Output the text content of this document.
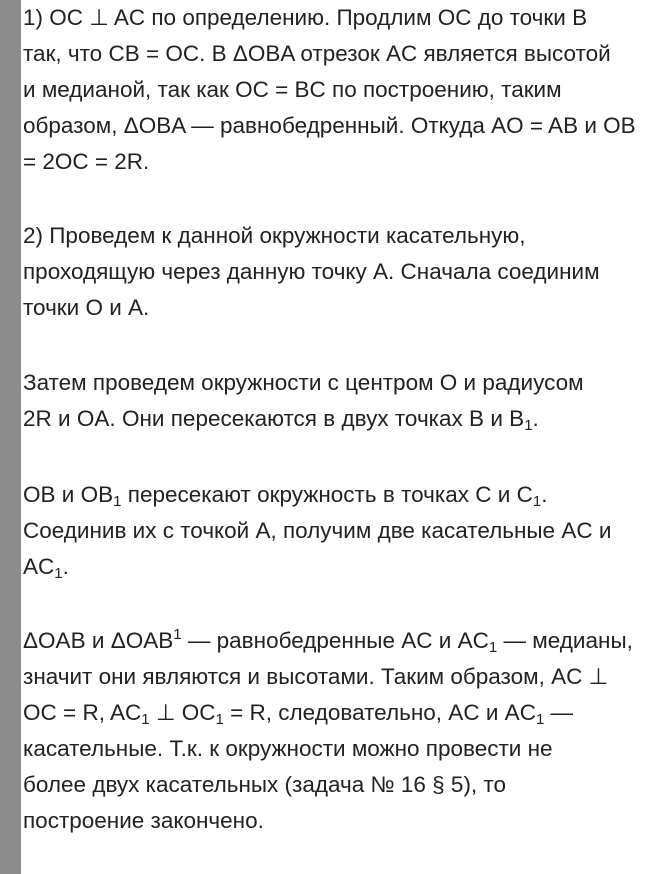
1) OC ⊥ AC по определению. Продлим OC до точки B
так, что CB = OC. В ΔOBA отрезок AC является высотой
и медианой, так как OC = BC по построению, таким
образом, ΔOBA — равнобедренный. Откуда AO = AB и OB
= 2OC = 2R.
2) Проведем к данной окружности касательную,
проходящую через данную точку A. Сначала соединим
точки O и A.
Затем проведем окружности с центром O и радиусом
2R и OA. Они пересекаются в двух точках B и $B_1$.
OB и $OB_1$ пересекают окружность в точках C и $C_1$.
Соединив их с точкой A, получим две касательные AC и
$AC_1$.
ΔOAB и ΔOAB$^1$ — равнобедренные AC и $AC_1$ — медианы,
значит они являются и высотами. Таким образом, AC ⊥
OC = R, $AC_1$ ⊥ $OC_1 = R$, следовательно, AC и $AC_1$ —
касательные. Т.к. к окружности можно провести не
более двух касательных (задача № 16 § 5), то
построение закончено.
